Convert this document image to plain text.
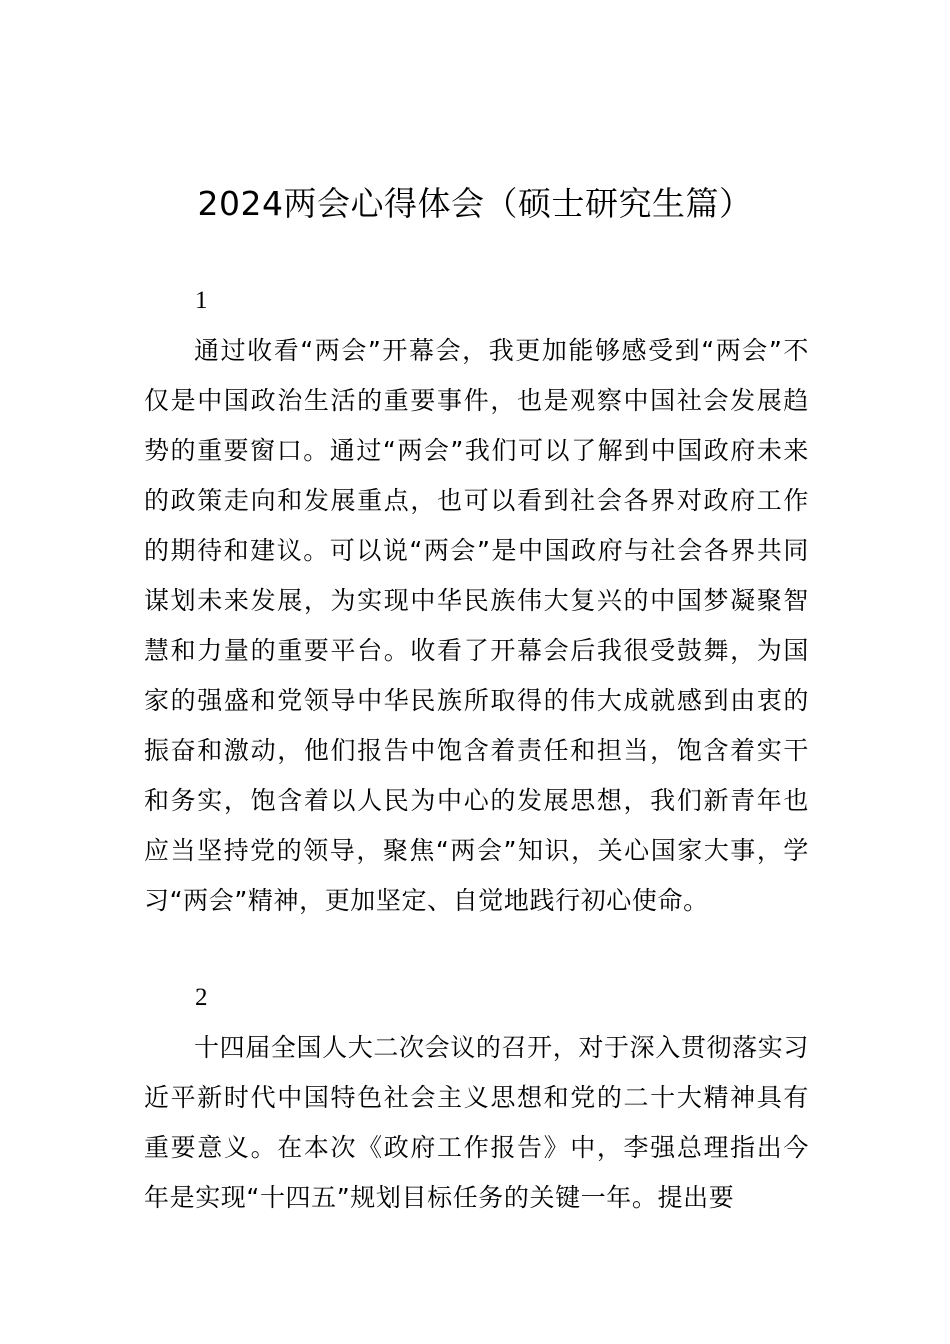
2024两会心得体会（硕士研究生篇）
1
通过收看“两会”开幕会，我更加能够感受到“两会”不仅是中国政治生活的重要事件，也是观察中国社会发展趋势的重要窗口。通过“两会”我们可以了解到中国政府未来的政策走向和发展重点，也可以看到社会各界对政府工作的期待和建议。可以说“两会”是中国政府与社会各界共同谋划未来发展，为实现中华民族伟大复兴的中国梦凝聚智慧和力量的重要平台。收看了开幕会后我很受鼓舞，为国家的强盛和党领导中华民族所取得的伟大成就感到由衷的振奋和激动，他们报告中饱含着责任和担当，饱含着实干和务实，饱含着以人民为中心的发展思想，我们新青年也应当坚持党的领导，聚焦“两会”知识，关心国家大事，学习“两会”精神，更加坚定、自觉地践行初心使命。
2
十四届全国人大二次会议的召开，对于深入贯彻落实习近平新时代中国特色社会主义思想和党的二十大精神具有重要意义。在本次《政府工作报告》中，李强总理指出今年是实现“十四五”规划目标任务的关键一年。提出要
